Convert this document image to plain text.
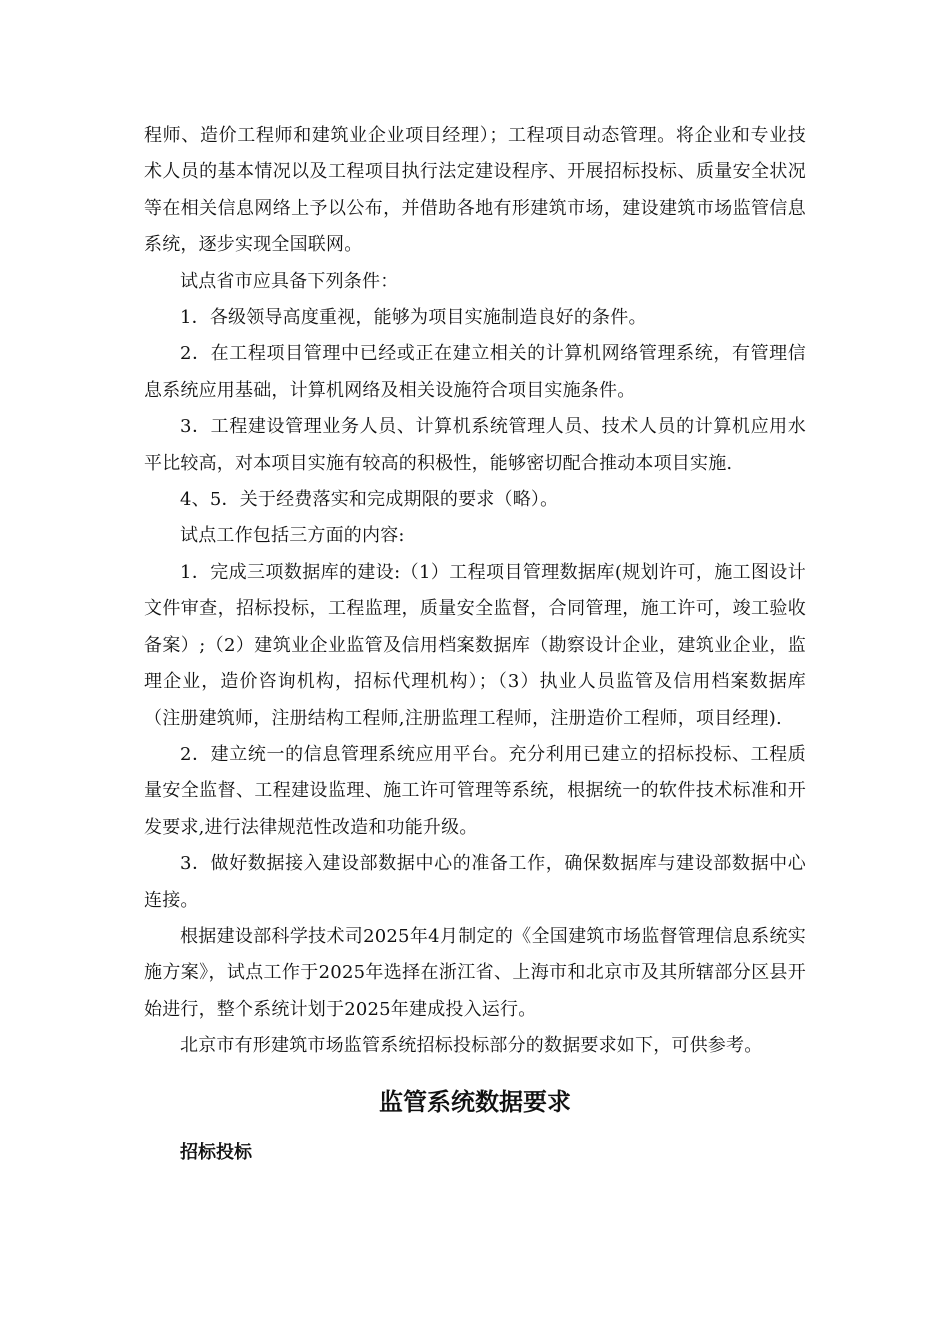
程师、造价工程师和建筑业企业项目经理）；工程项目动态管理。将企业和专业技术人员的基本情况以及工程项目执行法定建设程序、开展招标投标、质量安全状况等在相关信息网络上予以公布，并借助各地有形建筑市场，建设建筑市场监管信息系统，逐步实现全国联网。

试点省市应具备下列条件：

1．各级领导高度重视，能够为项目实施制造良好的条件。

2．在工程项目管理中已经或正在建立相关的计算机网络管理系统，有管理信息系统应用基础，计算机网络及相关设施符合项目实施条件。

3．工程建设管理业务人员、计算机系统管理人员、技术人员的计算机应用水平比较高，对本项目实施有较高的积极性，能够密切配合推动本项目实施.

4、5．关于经费落实和完成期限的要求（略）。

试点工作包括三方面的内容:

1．完成三项数据库的建设:（1）工程项目管理数据库(规划许可，施工图设计文件审查，招标投标，工程监理，质量安全监督，合同管理，施工许可，竣工验收备案）;（2）建筑业企业监管及信用档案数据库（勘察设计企业，建筑业企业，监理企业，造价咨询机构，招标代理机构）；（3）执业人员监管及信用档案数据库（注册建筑师，注册结构工程师,注册监理工程师，注册造价工程师，项目经理).

2．建立统一的信息管理系统应用平台。充分利用已建立的招标投标、工程质量安全监督、工程建设监理、施工许可管理等系统，根据统一的软件技术标准和开发要求,进行法律规范性改造和功能升级。

3．做好数据接入建设部数据中心的准备工作，确保数据库与建设部数据中心连接。

根据建设部科学技术司2025年4月制定的《全国建筑市场监督管理信息系统实施方案》，试点工作于2025年选择在浙江省、上海市和北京市及其所辖部分区县开始进行，整个系统计划于2025年建成投入运行。

北京市有形建筑市场监管系统招标投标部分的数据要求如下，可供参考。

监管系统数据要求
招标投标
